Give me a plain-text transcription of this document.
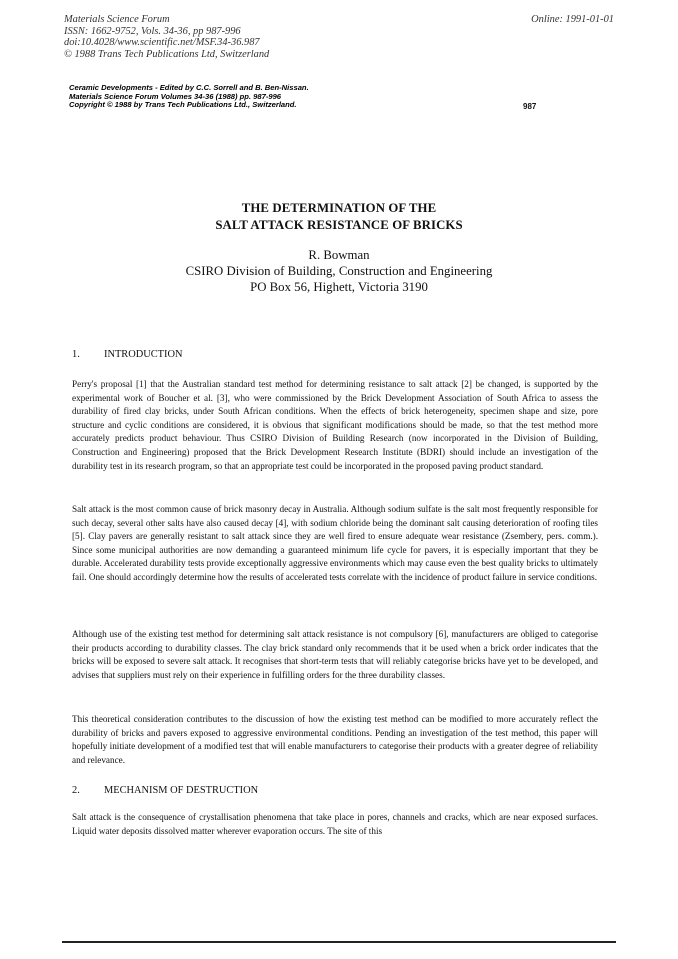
Materials Science Forum
ISSN: 1662-9752, Vols. 34-36, pp 987-996
doi:10.4028/www.scientific.net/MSF.34-36.987
© 1988 Trans Tech Publications Ltd, Switzerland
Online: 1991-01-01
Ceramic Developments - Edited by C.C. Sorrell and B. Ben-Nissan.
Materials Science Forum Volumes 34-36 (1988) pp. 987-996
Copyright © 1988 by Trans Tech Publications Ltd., Switzerland.	987
THE DETERMINATION OF THE
SALT ATTACK RESISTANCE OF BRICKS
R. Bowman
CSIRO Division of Building, Construction and Engineering
PO Box 56, Highett, Victoria 3190
1. INTRODUCTION

Perry's proposal [1] that the Australian standard test method for determining resistance to salt attack [2] be changed, is supported by the experimental work of Boucher et al. [3], who were commissioned by the Brick Development Association of South Africa to assess the durability of fired clay bricks, under South African conditions. When the effects of brick heterogeneity, specimen shape and size, pore structure and cyclic conditions are considered, it is obvious that significant modifications should be made, so that the test method more accurately predicts product behaviour. Thus CSIRO Division of Building Research (now incorporated in the Division of Building, Construction and Engineering) proposed that the Brick Development Research Institute (BDRI) should include an investigation of the durability test in its research program, so that an appropriate test could be incorporated in the proposed paving product standard.

Salt attack is the most common cause of brick masonry decay in Australia. Although sodium sulfate is the salt most frequently responsible for such decay, several other salts have also caused decay [4], with sodium chloride being the dominant salt causing deterioration of roofing tiles [5]. Clay pavers are generally resistant to salt attack since they are well fired to ensure adequate wear resistance (Zsembery, pers. comm.). Since some municipal authorities are now demanding a guaranteed minimum life cycle for pavers, it is especially important that they be durable. Accelerated durability tests provide exceptionally aggressive environments which may cause even the best quality bricks to ultimately fail. One should accordingly determine how the results of accelerated tests correlate with the incidence of product failure in service conditions.

Although use of the existing test method for determining salt attack resistance is not compulsory [6], manufacturers are obliged to categorise their products according to durability classes. The clay brick standard only recommends that it be used when a brick order indicates that the bricks will be exposed to severe salt attack. It recognises that short-term tests that will reliably categorise bricks have yet to be developed, and advises that suppliers must rely on their experience in fulfilling orders for the three durability classes.

This theoretical consideration contributes to the discussion of how the existing test method can be modified to more accurately reflect the durability of bricks and pavers exposed to aggressive environmental conditions. Pending an investigation of the test method, this paper will hopefully initiate development of a modified test that will enable manufacturers to categorise their products with a greater degree of reliability and relevance.

2. MECHANISM OF DESTRUCTION

Salt attack is the consequence of crystallisation phenomena that take place in pores, channels and cracks, which are near exposed surfaces. Liquid water deposits dissolved matter wherever evaporation occurs. The site of this
